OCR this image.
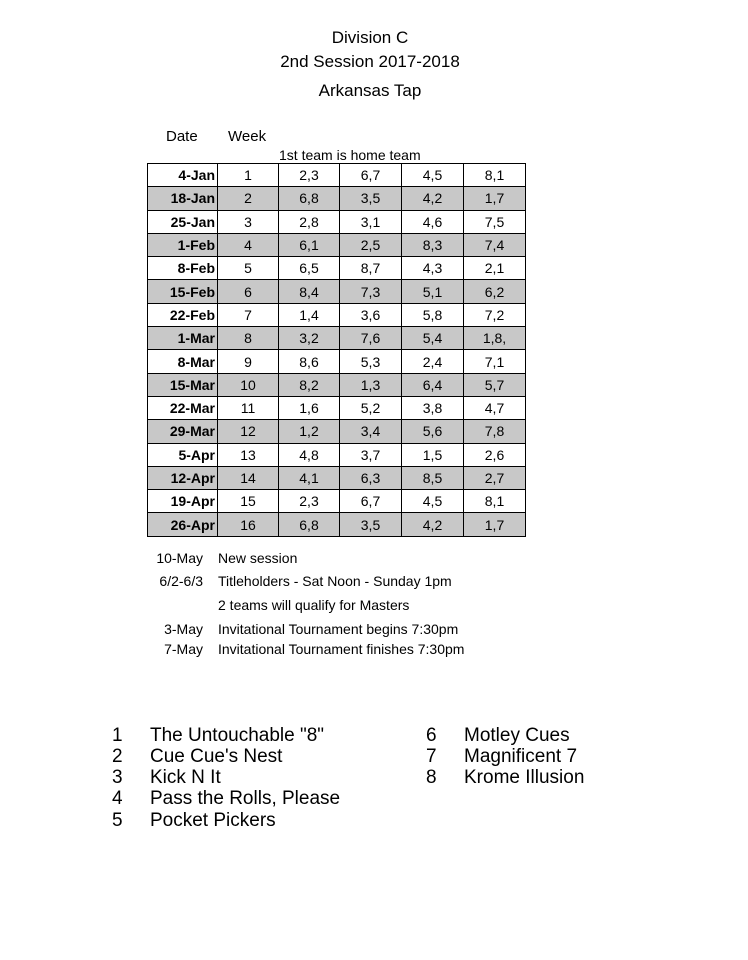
Division C
2nd Session 2017-2018
Arkansas Tap
Date Week
1st team is home team
4-Jan	1	2,3	6,7	4,5	8,1
18-Jan	2	6,8	3,5	4,2	1,7
25-Jan	3	2,8	3,1	4,6	7,5
1-Feb	4	6,1	2,5	8,3	7,4
8-Feb	5	6,5	8,7	4,3	2,1
15-Feb	6	8,4	7,3	5,1	6,2
22-Feb	7	1,4	3,6	5,8	7,2
1-Mar	8	3,2	7,6	5,4	1,8,
8-Mar	9	8,6	5,3	2,4	7,1
15-Mar	10	8,2	1,3	6,4	5,7
22-Mar	11	1,6	5,2	3,8	4,7
29-Mar	12	1,2	3,4	5,6	7,8
5-Apr	13	4,8	3,7	1,5	2,6
12-Apr	14	4,1	6,3	8,5	2,7
19-Apr	15	2,3	6,7	4,5	8,1
26-Apr	16	6,8	3,5	4,2	1,7
10-May New session
6/2-6/3 Titleholders - Sat Noon - Sunday 1pm
2 teams will qualify for Masters
3-May Invitational Tournament begins 7:30pm
7-May Invitational Tournament finishes 7:30pm
1 The Untouchable "8"
2 Cue Cue's Nest
3 Kick N It
4 Pass the Rolls, Please
5 Pocket Pickers
6 Motley Cues
7 Magnificent 7
8 Krome Illusion
